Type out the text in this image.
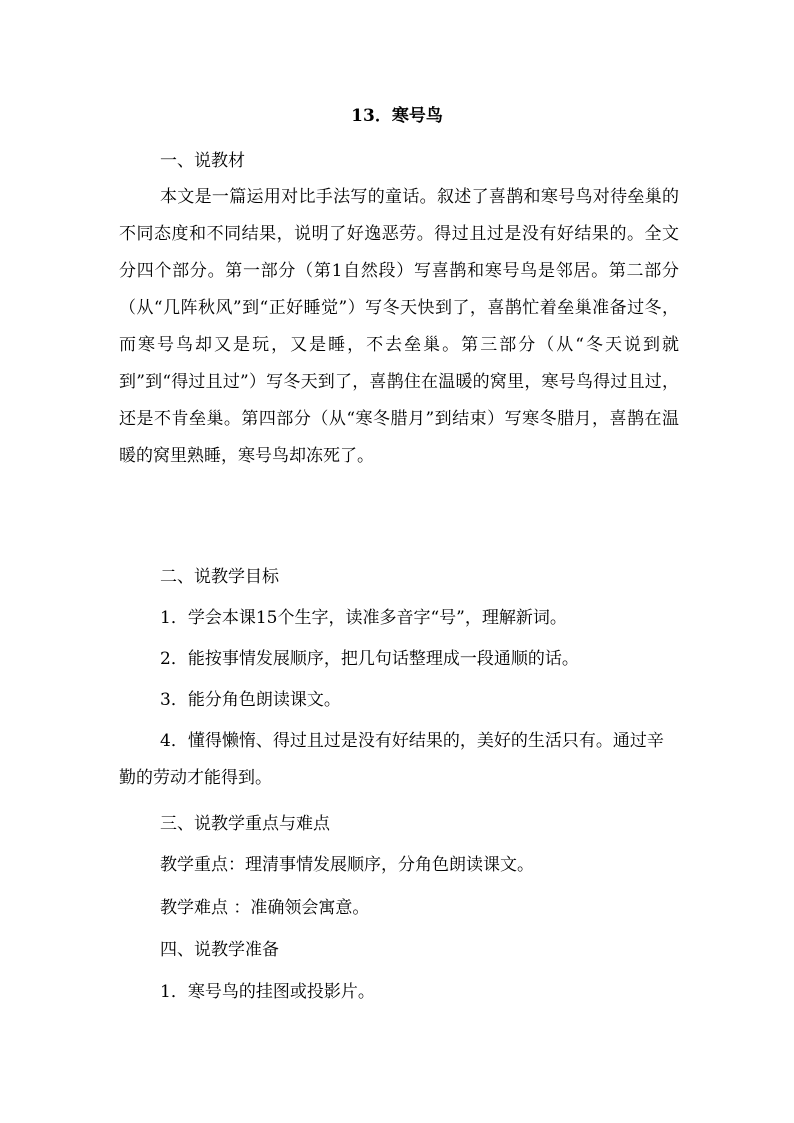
13．寒号鸟

一、说教材

本文是一篇运用对比手法写的童话。叙述了喜鹊和寒号鸟对待垒巢的不同态度和不同结果，说明了好逸恶劳。得过且过是没有好结果的。全文分四个部分。第一部分（第1自然段）写喜鹊和寒号鸟是邻居。第二部分（从“几阵秋风”到“正好睡觉”）写冬天快到了，喜鹊忙着垒巢准备过冬，而寒号鸟却又是玩，又是睡，不去垒巢。第三部分（从“冬天说到就到”到“得过且过”）写冬天到了，喜鹊住在温暖的窝里，寒号鸟得过且过，还是不肯垒巢。第四部分（从“寒冬腊月”到结束）写寒冬腊月，喜鹊在温暖的窝里熟睡，寒号鸟却冻死了。

二、说教学目标

1．学会本课15个生字，读准多音字“号”，理解新词。

2．能按事情发展顺序，把几句话整理成一段通顺的话。

3．能分角色朗读课文。

4．懂得懒惰、得过且过是没有好结果的，美好的生活只有。通过辛勤的劳动才能得到。

三、说教学重点与难点

教学重点：理清事情发展顺序，分角色朗读课文。

教学难点 ：准确领会寓意。

四、说教学准备

1．寒号鸟的挂图或投影片。
